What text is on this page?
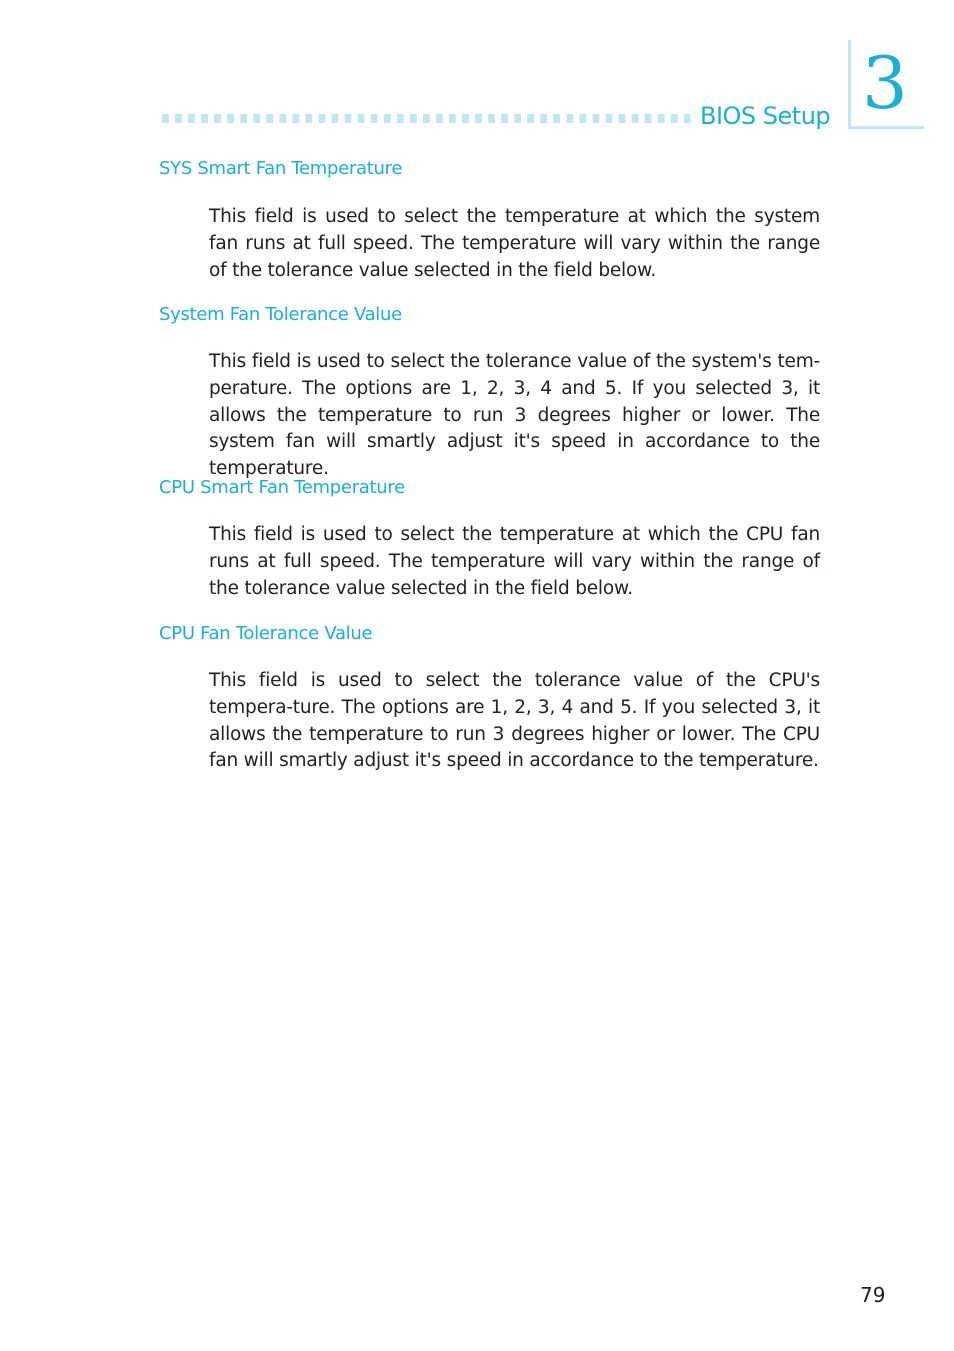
BIOS Setup 3
SYS Smart Fan Temperature

This field is used to select the temperature at which the system fan runs at full speed. The temperature will vary within the range of the tolerance value selected in the field below.

System Fan Tolerance Value

This field is used to select the tolerance value of the system's tem-perature. The options are 1, 2, 3, 4 and 5. If you selected 3, it allows the temperature to run 3 degrees higher or lower. The system fan will smartly adjust it's speed in accordance to the temperature.

CPU Smart Fan Temperature

This field is used to select the temperature at which the CPU fan runs at full speed. The temperature will vary within the range of the tolerance value selected in the field below.

CPU Fan Tolerance Value

This field is used to select the tolerance value of the CPU's tempera-ture. The options are 1, 2, 3, 4 and 5. If you selected 3, it allows the temperature to run 3 degrees higher or lower. The CPU fan will smartly adjust it's speed in accordance to the temperature.

79
